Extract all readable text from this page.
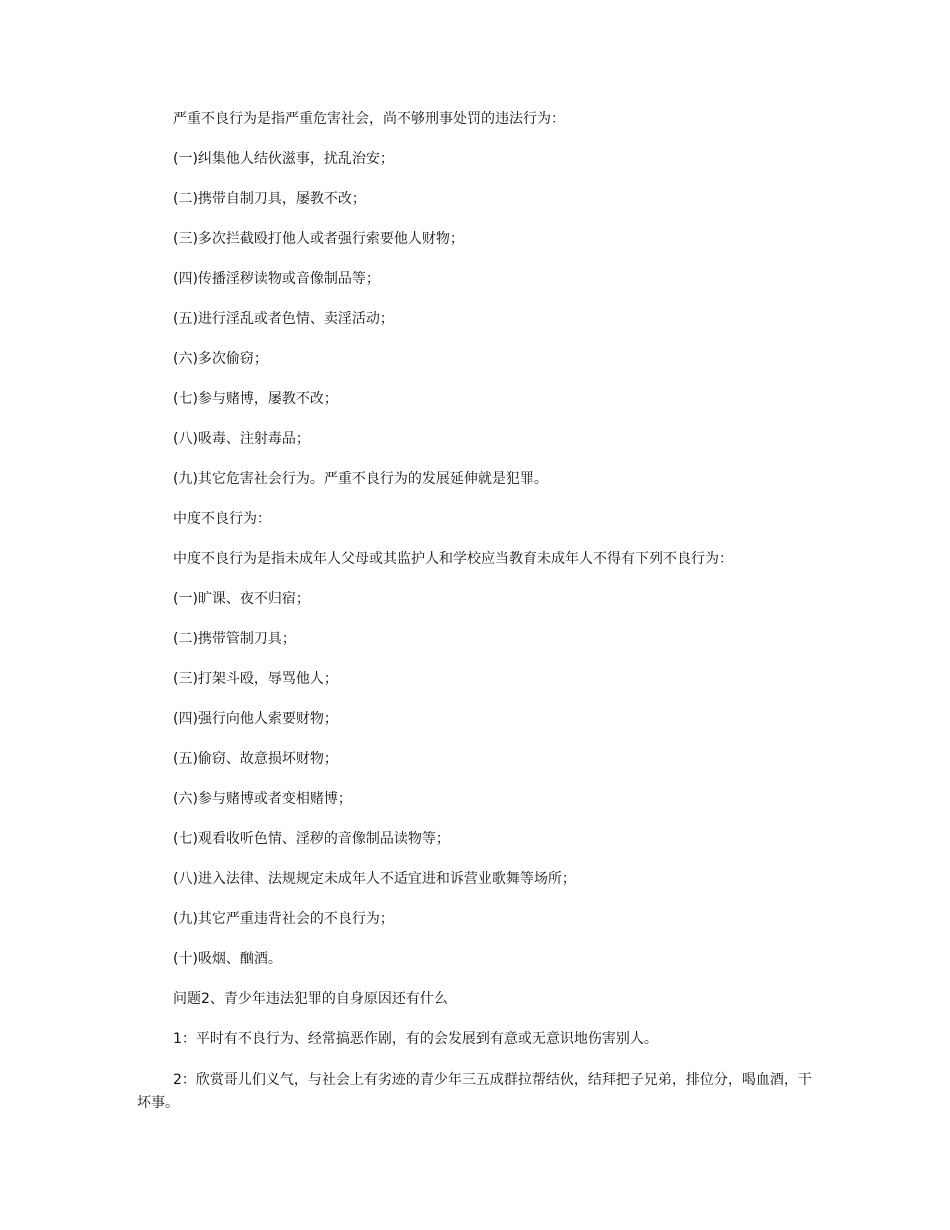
严重不良行为是指严重危害社会，尚不够刑事处罚的违法行为：

(一)纠集他人结伙滋事，扰乱治安；

(二)携带自制刀具，屡教不改；

(三)多次拦截殴打他人或者强行索要他人财物；

(四)传播淫秽读物或音像制品等；

(五)进行淫乱或者色情、卖淫活动；

(六)多次偷窃；

(七)参与赌博，屡教不改；

(八)吸毒、注射毒品；

(九)其它危害社会行为。严重不良行为的发展延伸就是犯罪。

中度不良行为：

中度不良行为是指未成年人父母或其监护人和学校应当教育未成年人不得有下列不良行为：

(一)旷课、夜不归宿；

(二)携带管制刀具；

(三)打架斗殴，辱骂他人；

(四)强行向他人索要财物；

(五)偷窃、故意损坏财物；

(六)参与赌博或者变相赌博；

(七)观看收听色情、淫秽的音像制品读物等；

(八)进入法律、法规规定未成年人不适宜进和诉营业歌舞等场所；

(九)其它严重违背社会的不良行为；

(十)吸烟、酗酒。

问题2、青少年违法犯罪的自身原因还有什么

1：平时有不良行为、经常搞恶作剧，有的会发展到有意或无意识地伤害别人。

2：欣赏哥儿们义气，与社会上有劣迹的青少年三五成群拉帮结伙，结拜把子兄弟，排位分，喝血酒，干坏事。
